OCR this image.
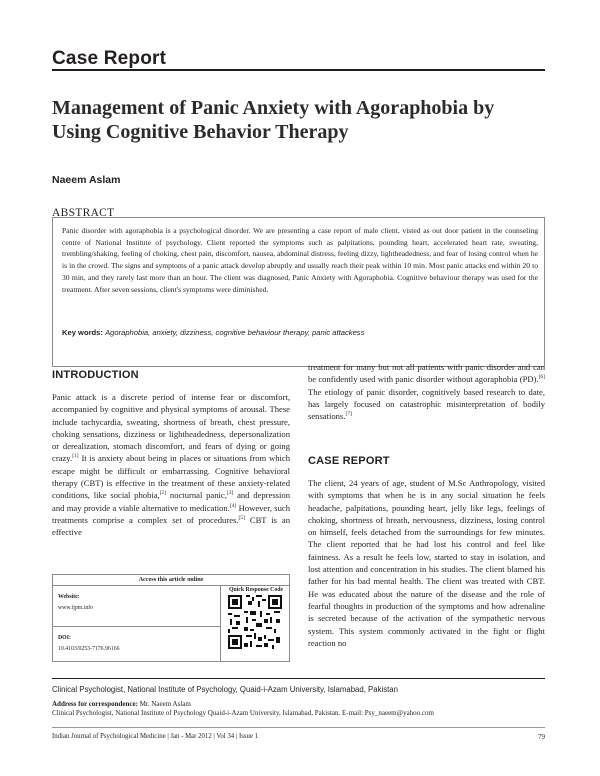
Case Report
Management of Panic Anxiety with Agoraphobia by Using Cognitive Behavior Therapy
Naeem Aslam
ABSTRACT
Panic disorder with agoraphobia is a psychological disorder. We are presenting a case report of male client, visted as out door patient in the counseling centre of National Institute of psychology. Client reported the symptoms such as palpitations, pounding heart, accelerated heart rate, sweating, trembling/shaking, feeling of choking, chest pain, discomfort, nausea, abdominal distress, feeling dizzy, lightheadedness, and fear of losing control when he is in the crowd. The signs and symptoms of a panic attack develop abruptly and usually reach their peak within 10 min. Most panic attacks end within 20 to 30 min, and they rarely last more than an hour. The client was diagnosed, Panic Anxiety with Agoraphobia. Cognitive behaviour therapy was used for the treatment. After seven sessions, client's symptoms were diminished.
Key words: Agoraphobia, anxiety, dizziness, cognitive behaviour therapy, panic attackess
INTRODUCTION

Panic attack is a discrete period of intense fear or discomfort, accompanied by cognitive and physical symptoms of arousal. These include tachycardia, sweating, shortness of breath, chest pressure, choking sensations, dizziness or lightheadedness, depersonalization or derealization, stomach discomfort, and fears of dying or going crazy.[1] It is anxiety about being in places or situations from which escape might be difficult or embarrassing. Cognitive behavioral therapy (CBT) is effective in the treatment of these anxiety-related conditions, like social phobia,[2] nocturnal panic,[3] and depression and may provide a viable alternative to medication.[4] However, such treatments comprise a complex set of procedures.[5] CBT is an effective

Access this article online
Website:
www.ijpm.info
DOI:
10.4103/0253-7176.96166
Quick Response Code

treatment for many but not all patients with panic disorder and can be confidently used with panic disorder without agoraphobia (PD).[6] The etiology of panic disorder, cognitively based research to date, has largely focused on catastrophic misinterpretation of bodily sensations.[7]

CASE REPORT

The client, 24 years of age, student of M.Sc Anthropology, visited with symptoms that when he is in any social situation he feels headache, palpitations, pounding heart, jelly like legs, feelings of choking, shortness of breath, nervousness, dizziness, losing control on himself, feels detached from the surroundings for few minutes. The client reported that he had lost his control and feel like faintness. As a result he feels low, started to stay in isolation, and lost attention and concentration in his studies. The client blamed his father for his bad mental health. The client was treated with CBT. He was educated about the nature of the disease and the role of fearful thoughts in production of the symptoms and how adrenaline is secreted because of the activation of the sympathetic nervous system. This system commonly activated in the fight or flight reaction no

Clinical Psychologist, National Institute of Psychology, Quaid-i-Azam University, Islamabad, Pakistan
Address for correspondence: Mr. Naeem Aslam
Clinical Psychologist, National Institute of Psychology Quaid-i-Azam University, Islamabad, Pakistan. E-mail: Psy_naeem@yahoo.com
Indian Journal of Psychological Medicine | Jan - Mar 2012 | Vol 34 | Issue 1	79
